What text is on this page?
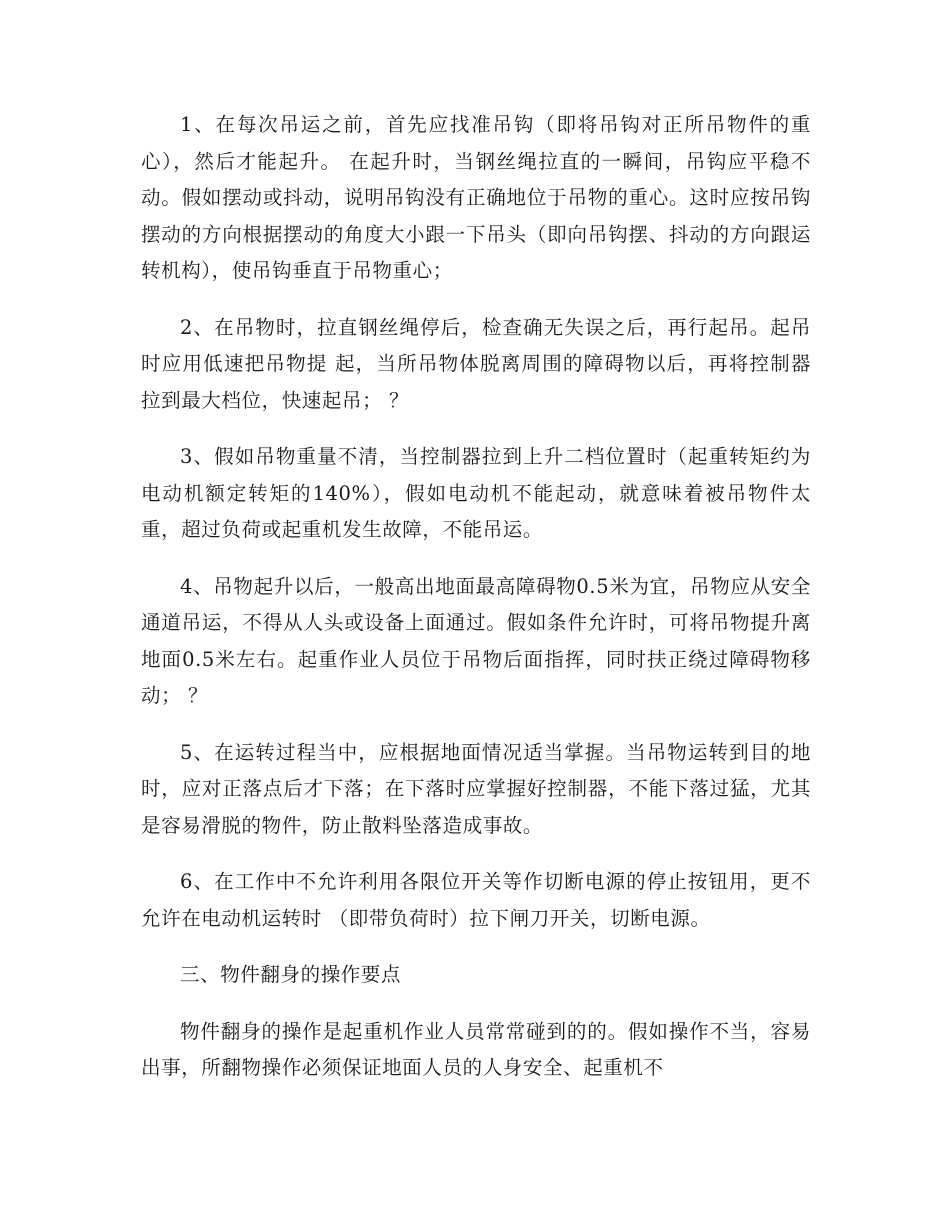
1、在每次吊运之前，首先应找准吊钩（即将吊钩对正所吊物件的重心），然后才能起升。 在起升时，当钢丝绳拉直的一瞬间，吊钩应平稳不动。假如摆动或抖动，说明吊钩没有正确地位于吊物的重心。这时应按吊钩摆动的方向根据摆动的角度大小跟一下吊头（即向吊钩摆、抖动的方向跟运转机构），使吊钩垂直于吊物重心；

2、在吊物时，拉直钢丝绳停后，检查确无失误之后，再行起吊。起吊时应用低速把吊物提 起，当所吊物体脱离周围的障碍物以后，再将控制器拉到最大档位，快速起吊； ？

3、假如吊物重量不清，当控制器拉到上升二档位置时（起重转矩约为电动机额定转矩的140%），假如电动机不能起动，就意味着被吊物件太重，超过负荷或起重机发生故障，不能吊运。

4、吊物起升以后，一般高出地面最高障碍物0.5米为宜，吊物应从安全通道吊运，不得从人头或设备上面通过。假如条件允许时，可将吊物提升离地面0.5米左右。起重作业人员位于吊物后面指挥，同时扶正绕过障碍物移动； ？

5、在运转过程当中，应根据地面情况适当掌握。当吊物运转到目的地时，应对正落点后才下落；在下落时应掌握好控制器，不能下落过猛，尤其是容易滑脱的物件，防止散料坠落造成事故。

6、在工作中不允许利用各限位开关等作切断电源的停止按钮用，更不允许在电动机运转时 （即带负荷时）拉下闸刀开关，切断电源。

三、物件翻身的操作要点

物件翻身的操作是起重机作业人员常常碰到的的。假如操作不当，容易出事，所翻物操作必须保证地面人员的人身安全、起重机不
